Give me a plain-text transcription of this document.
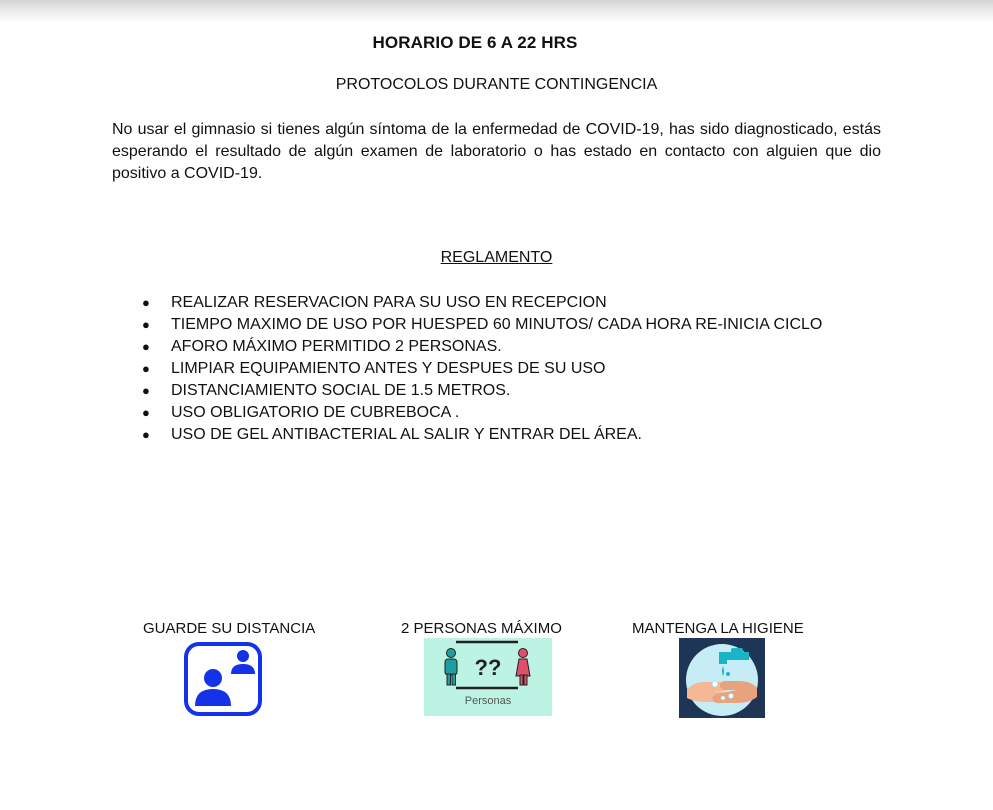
HORARIO DE 6 A 22 HRS

PROTOCOLOS DURANTE CONTINGENCIA

No usar el gimnasio si tienes algún síntoma de la enfermedad de COVID-19, has sido diagnosticado, estás esperando el resultado de algún examen de laboratorio o has estado en contacto con alguien que dio positivo a COVID-19.

REGLAMENTO

● REALIZAR RESERVACION PARA SU USO EN RECEPCION
● TIEMPO MAXIMO DE USO POR HUESPED 60 MINUTOS/ CADA HORA RE-INICIA CICLO
● AFORO MÁXIMO PERMITIDO 2 PERSONAS.
● LIMPIAR EQUIPAMIENTO ANTES Y DESPUES DE SU USO
● DISTANCIAMIENTO SOCIAL DE 1.5 METROS.
● USO OBLIGATORIO DE CUBREBOCA .
● USO DE GEL ANTIBACTERIAL AL SALIR Y ENTRAR DEL ÁREA.

GUARDE SU DISTANCIA	2 PERSONAS MÁXIMO	MANTENGA LA HIGIENE

??
Personas
